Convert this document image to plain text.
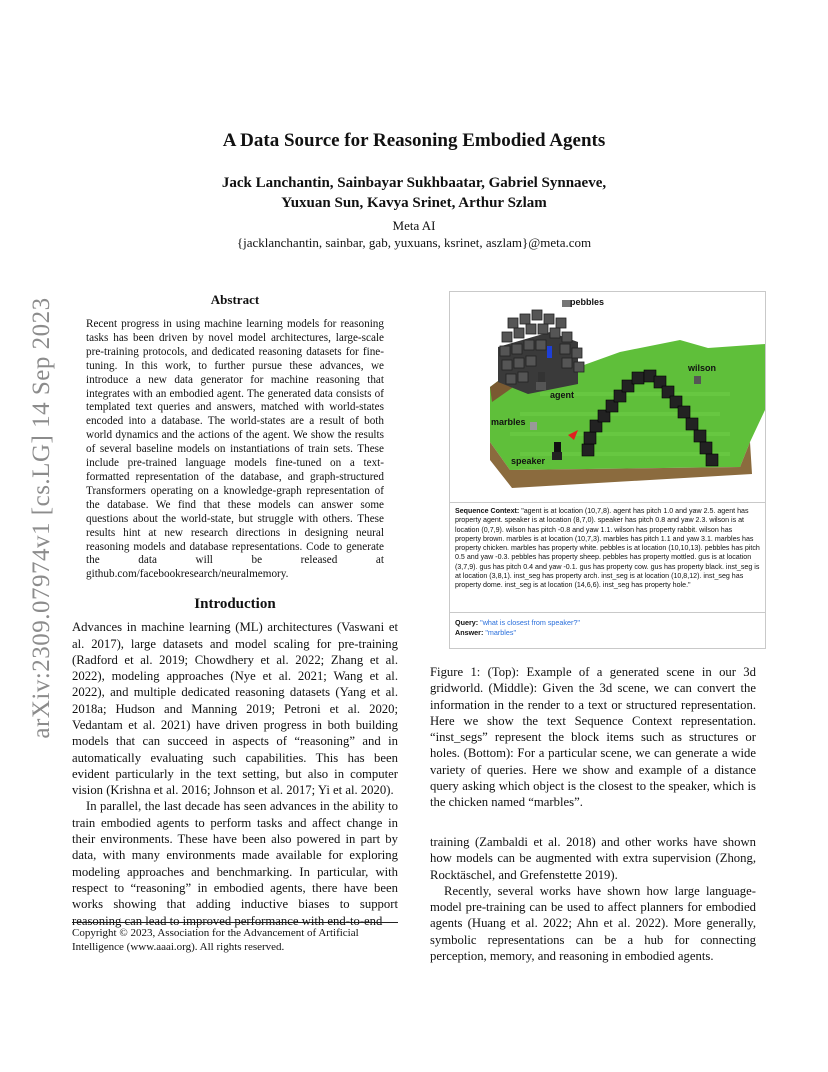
arXiv:2309.07974v1 [cs.LG] 14 Sep 2023
A Data Source for Reasoning Embodied Agents
Jack Lanchantin, Sainbayar Sukhbaatar, Gabriel Synnaeve,
Yuxuan Sun, Kavya Srinet, Arthur Szlam
Meta AI
{jacklanchantin, sainbar, gab, yuxuans, ksrinet, aszlam}@meta.com
Abstract
Recent progress in using machine learning models for reasoning tasks has been driven by novel model architectures, large-scale pre-training protocols, and dedicated reasoning datasets for fine-tuning. In this work, to further pursue these advances, we introduce a new data generator for machine reasoning that integrates with an embodied agent. The generated data consists of templated text queries and answers, matched with world-states encoded into a database. The world-states are a result of both world dynamics and the actions of the agent. We show the results of several baseline models on instantiations of train sets. These include pre-trained language models fine-tuned on a text-formatted representation of the database, and graph-structured Transformers operating on a knowledge-graph representation of the database. We find that these models can answer some questions about the world-state, but struggle with others. These results hint at new research directions in designing neural reasoning models and database representations. Code to generate the data will be released at github.com/facebookresearch/neuralmemory.
Introduction

Advances in machine learning (ML) architectures (Vaswani et al. 2017), large datasets and model scaling for pre-training (Radford et al. 2019; Chowdhery et al. 2022; Zhang et al. 2022), modeling approaches (Nye et al. 2021; Wang et al. 2022), and multiple dedicated reasoning datasets (Yang et al. 2018a; Hudson and Manning 2019; Petroni et al. 2020; Vedantam et al. 2021) have driven progress in both building models that can succeed in aspects of “reasoning” and in automatically evaluating such capabilities. This has been evident particularly in the text setting, but also in computer vision (Krishna et al. 2016; Johnson et al. 2017; Yi et al. 2020).

In parallel, the last decade has seen advances in the ability to train embodied agents to perform tasks and affect change in their environments. These have been also powered in part by data, with many environments made available for exploring modeling approaches and benchmarking. In particular, with respect to “reasoning” in embodied agents, there have been works showing that adding inductive biases to support reasoning can lead to improved performance with end-to-end

Copyright © 2023, Association for the Advancement of Artificial Intelligence (www.aaai.org). All rights reserved.
pebbles
wilson
agent
marbles
speaker
Sequence Context: "agent is at location (10,7,8). agent has pitch 1.0 and yaw 2.5. agent has property agent. speaker is at location (8,7,0). speaker has pitch 0.8 and yaw 2.3. wilson is at location (0,7,9). wilson has pitch -0.8 and yaw 1.1. wilson has property rabbit. wilson has property brown. marbles is at location (10,7,3). marbles has pitch 1.1 and yaw 3.1. marbles has property chicken. marbles has property white. pebbles is at location (10,10,13). pebbles has pitch 0.5 and yaw -0.3. pebbles has property sheep. pebbles has property mottled. gus is at location (3,7,9). gus has pitch 0.4 and yaw -0.1. gus has property cow. gus has property black. inst_seg is at location (3,8,1). inst_seg has property arch. inst_seg is at location (10,8,12). inst_seg has property dome. inst_seg is at location (14,6,6). inst_seg has property hole."
Query: "what is closest from speaker?"
Answer: "marbles"
Figure 1: (Top): Example of a generated scene in our 3d gridworld. (Middle): Given the 3d scene, we can convert the information in the render to a text or structured representation. Here we show the text Sequence Context representation. “inst_segs” represent the block items such as structures or holes. (Bottom): For a particular scene, we can generate a wide variety of queries. Here we show and example of a distance query asking which object is the closest to the speaker, which is the chicken named “marbles”.

training (Zambaldi et al. 2018) and other works have shown how models can be augmented with extra supervision (Zhong, Rocktäschel, and Grefenstette 2019).

Recently, several works have shown how large language-model pre-training can be used to affect planners for embodied agents (Huang et al. 2022; Ahn et al. 2022). More generally, symbolic representations can be a hub for connecting perception, memory, and reasoning in embodied agents.
